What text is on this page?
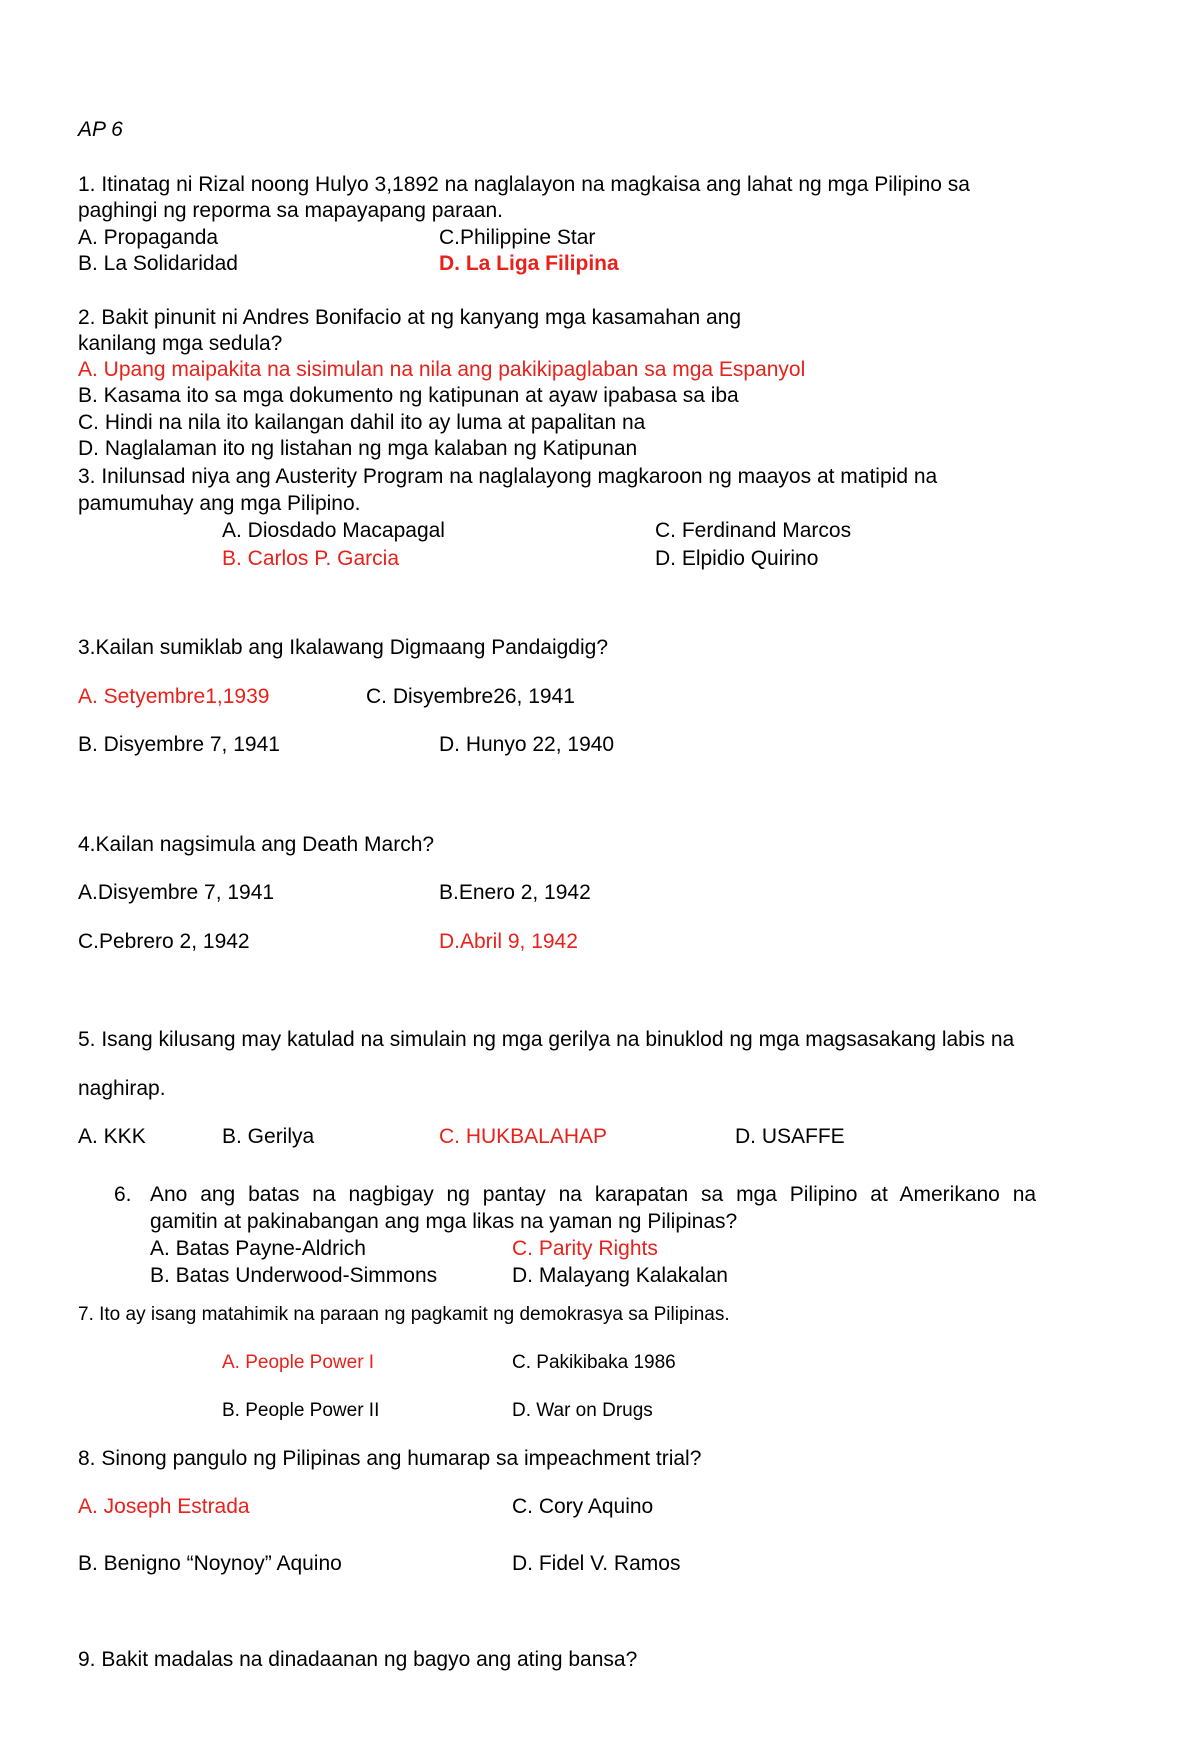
AP 6
1. Itinatag ni Rizal noong Hulyo 3,1892 na naglalayon na magkaisa ang lahat ng mga Pilipino sa
paghingi ng reporma sa mapayapang paraan.
A. Propaganda	C.Philippine Star
B. La Solidaridad	D. La Liga Filipina
2. Bakit pinunit ni Andres Bonifacio at ng kanyang mga kasamahan ang
kanilang mga sedula?
A. Upang maipakita na sisimulan na nila ang pakikipaglaban sa mga Espanyol
B. Kasama ito sa mga dokumento ng katipunan at ayaw ipabasa sa iba
C. Hindi na nila ito kailangan dahil ito ay luma at papalitan na
D. Naglalaman ito ng listahan ng mga kalaban ng Katipunan
3. Inilunsad niya ang Austerity Program na naglalayong magkaroon ng maayos at matipid na
pamumuhay ang mga Pilipino.
A. Diosdado Macapagal	C. Ferdinand Marcos
B. Carlos P. Garcia	D. Elpidio Quirino
3.Kailan sumiklab ang Ikalawang Digmaang Pandaigdig?
A. Setyembre1,1939	C. Disyembre26, 1941
B. Disyembre 7, 1941	D. Hunyo 22, 1940
4.Kailan nagsimula ang Death March?
A.Disyembre 7, 1941	B.Enero 2, 1942
C.Pebrero 2, 1942	D.Abril 9, 1942
5. Isang kilusang may katulad na simulain ng mga gerilya na binuklod ng mga magsasakang labis na
naghirap.
A. KKK	B. Gerilya	C. HUKBALAHAP	D. USAFFE
6. Ano ang batas na nagbigay ng pantay na karapatan sa mga Pilipino at Amerikano na
gamitin at pakinabangan ang mga likas na yaman ng Pilipinas?
A. Batas Payne-Aldrich	C. Parity Rights
B. Batas Underwood-Simmons	D. Malayang Kalakalan
7. Ito ay isang matahimik na paraan ng pagkamit ng demokrasya sa Pilipinas.
A. People Power I	C. Pakikibaka 1986
B. People Power II	D. War on Drugs
8. Sinong pangulo ng Pilipinas ang humarap sa impeachment trial?
A. Joseph Estrada	C. Cory Aquino
B. Benigno “Noynoy” Aquino	D. Fidel V. Ramos
9. Bakit madalas na dinadaanan ng bagyo ang ating bansa?
